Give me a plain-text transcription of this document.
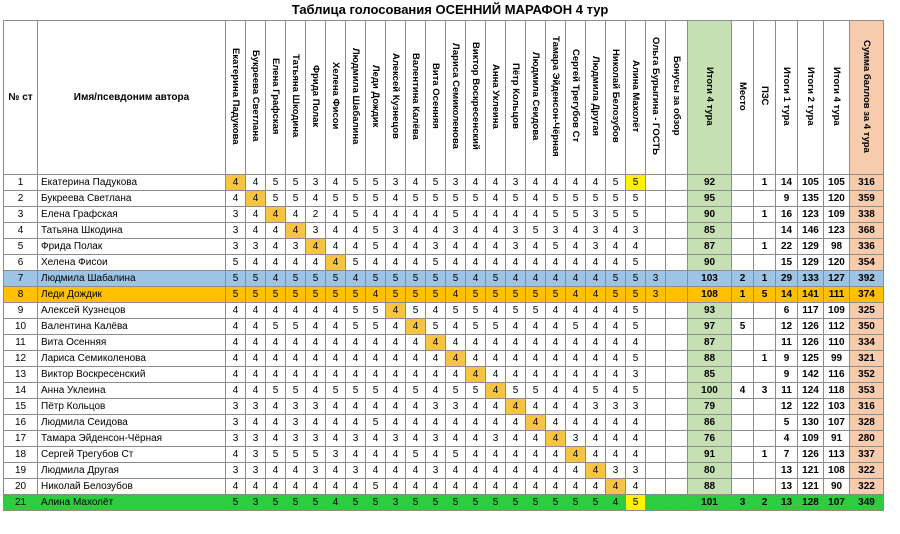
Таблица голосования ОСЕННИЙ МАРАФОН 4 тур
№ ст	Имя/псевдоним автора	Екатерина Падукова	Букреева Светлана	Елена Графская	Татьяна Шкодина	Фрида Полак	Хелена Фисои	Людмила Шабалина	Леди Дождик	Алексей Кузнецов	Валентина Калёва	Вита Осенняя	Лариса Семиколенова	Виктор Воскресенский	Анна Уклеина	Пётр Кольцов	Людмила Сеидова	Тамара Эйденсон-Чёрная	Сергей Трегубов Ст	Людмила Другая	Николай Белозубов	Алина Махолёт	Ольга Бурыгина - ГОСТЬ	Бонусы за обзор	Итоги 4 тура	Место	ПЗС	Итоги 1 тура	Итоги 2 тура	Итоги 4 тура	Сумма баллов за 4 тура
1	Екатерина Падукова	4	4	5	5	3	4	5	5	3	4	5	3	4	4	3	4	4	4	4	5	5			92		1	14	105	105	316
2	Букреева Светлана	4	4	5	5	4	5	5	5	4	5	5	5	5	4	5	4	5	5	5	5	5			95			9	135	120	359
3	Елена Графская	3	4	4	4	2	4	5	4	4	4	4	5	4	4	4	4	5	5	3	5	5			90		1	16	123	109	338
4	Татьяна Шкодина	3	4	4	4	3	4	4	5	3	4	4	3	4	4	3	5	3	4	3	4	3			85			14	146	123	368
5	Фрида Полак	3	3	4	3	4	4	4	5	4	4	3	4	4	4	3	4	5	4	3	4	4			87		1	22	129	98	336
6	Хелена Фисои	5	4	4	4	4	4	5	4	4	4	5	4	4	4	4	4	4	4	4	4	5			90			15	129	120	354
7	Людмила Шабалина	5	5	4	5	5	5	4	5	5	5	5	5	4	5	4	4	4	4	4	5	5	3		103	2	1	29	133	127	392
8	Леди Дождик	5	5	5	5	5	5	5	4	5	5	5	4	5	5	5	5	5	4	4	5	5	3		108	1	5	14	141	111	374
9	Алексей Кузнецов	4	4	4	4	4	4	5	5	4	5	4	5	5	4	5	5	4	4	4	4	5			93			6	117	109	325
10	Валентина Калёва	4	4	5	5	4	4	5	5	4	4	5	4	5	5	4	4	4	5	4	4	5			97	5		12	126	112	350
11	Вита Осенняя	4	4	4	4	4	4	4	4	4	4	4	4	4	4	4	4	4	4	4	4	4			87			11	126	110	334
12	Лариса Семиколенова	4	4	4	4	4	4	4	4	4	4	4	4	4	4	4	4	4	4	4	4	5			88		1	9	125	99	321
13	Виктор Воскресенский	4	4	4	4	4	4	4	4	4	4	4	4	4	4	4	4	4	4	4	4	3			85			9	142	116	352
14	Анна Уклеина	4	4	5	5	4	5	5	5	4	5	4	5	5	4	5	5	4	4	5	4	5			100	4	3	11	124	118	353
15	Пётр Кольцов	3	3	4	3	3	4	4	4	4	4	3	3	4	4	4	4	4	4	3	3	3			79			12	122	103	316
16	Людмила Сеидова	3	4	4	3	4	4	4	5	4	4	4	4	4	4	4	4	4	4	4	4	4			86			5	130	107	328
17	Тамара Эйденсон-Чёрная	3	3	4	3	3	4	3	4	3	4	3	4	4	3	4	4	4	3	4	4	4			76			4	109	91	280
18	Сергей Трегубов Ст	4	3	5	5	5	3	4	4	4	5	4	5	4	4	4	4	4	4	4	4	4			91		1	7	126	113	337
19	Людмила Другая	3	3	4	4	3	4	3	4	4	4	3	4	4	4	4	4	4	4	4	3	3			80			13	121	108	322
20	Николай Белозубов	4	4	4	4	4	4	4	5	4	4	4	4	4	4	4	4	4	4	4	4	4			88			13	121	90	322
21	Алина Махолёт	5	3	5	5	5	4	5	5	3	5	5	5	5	5	5	5	5	5	5	4	5			101	3	2	13	128	107	349
